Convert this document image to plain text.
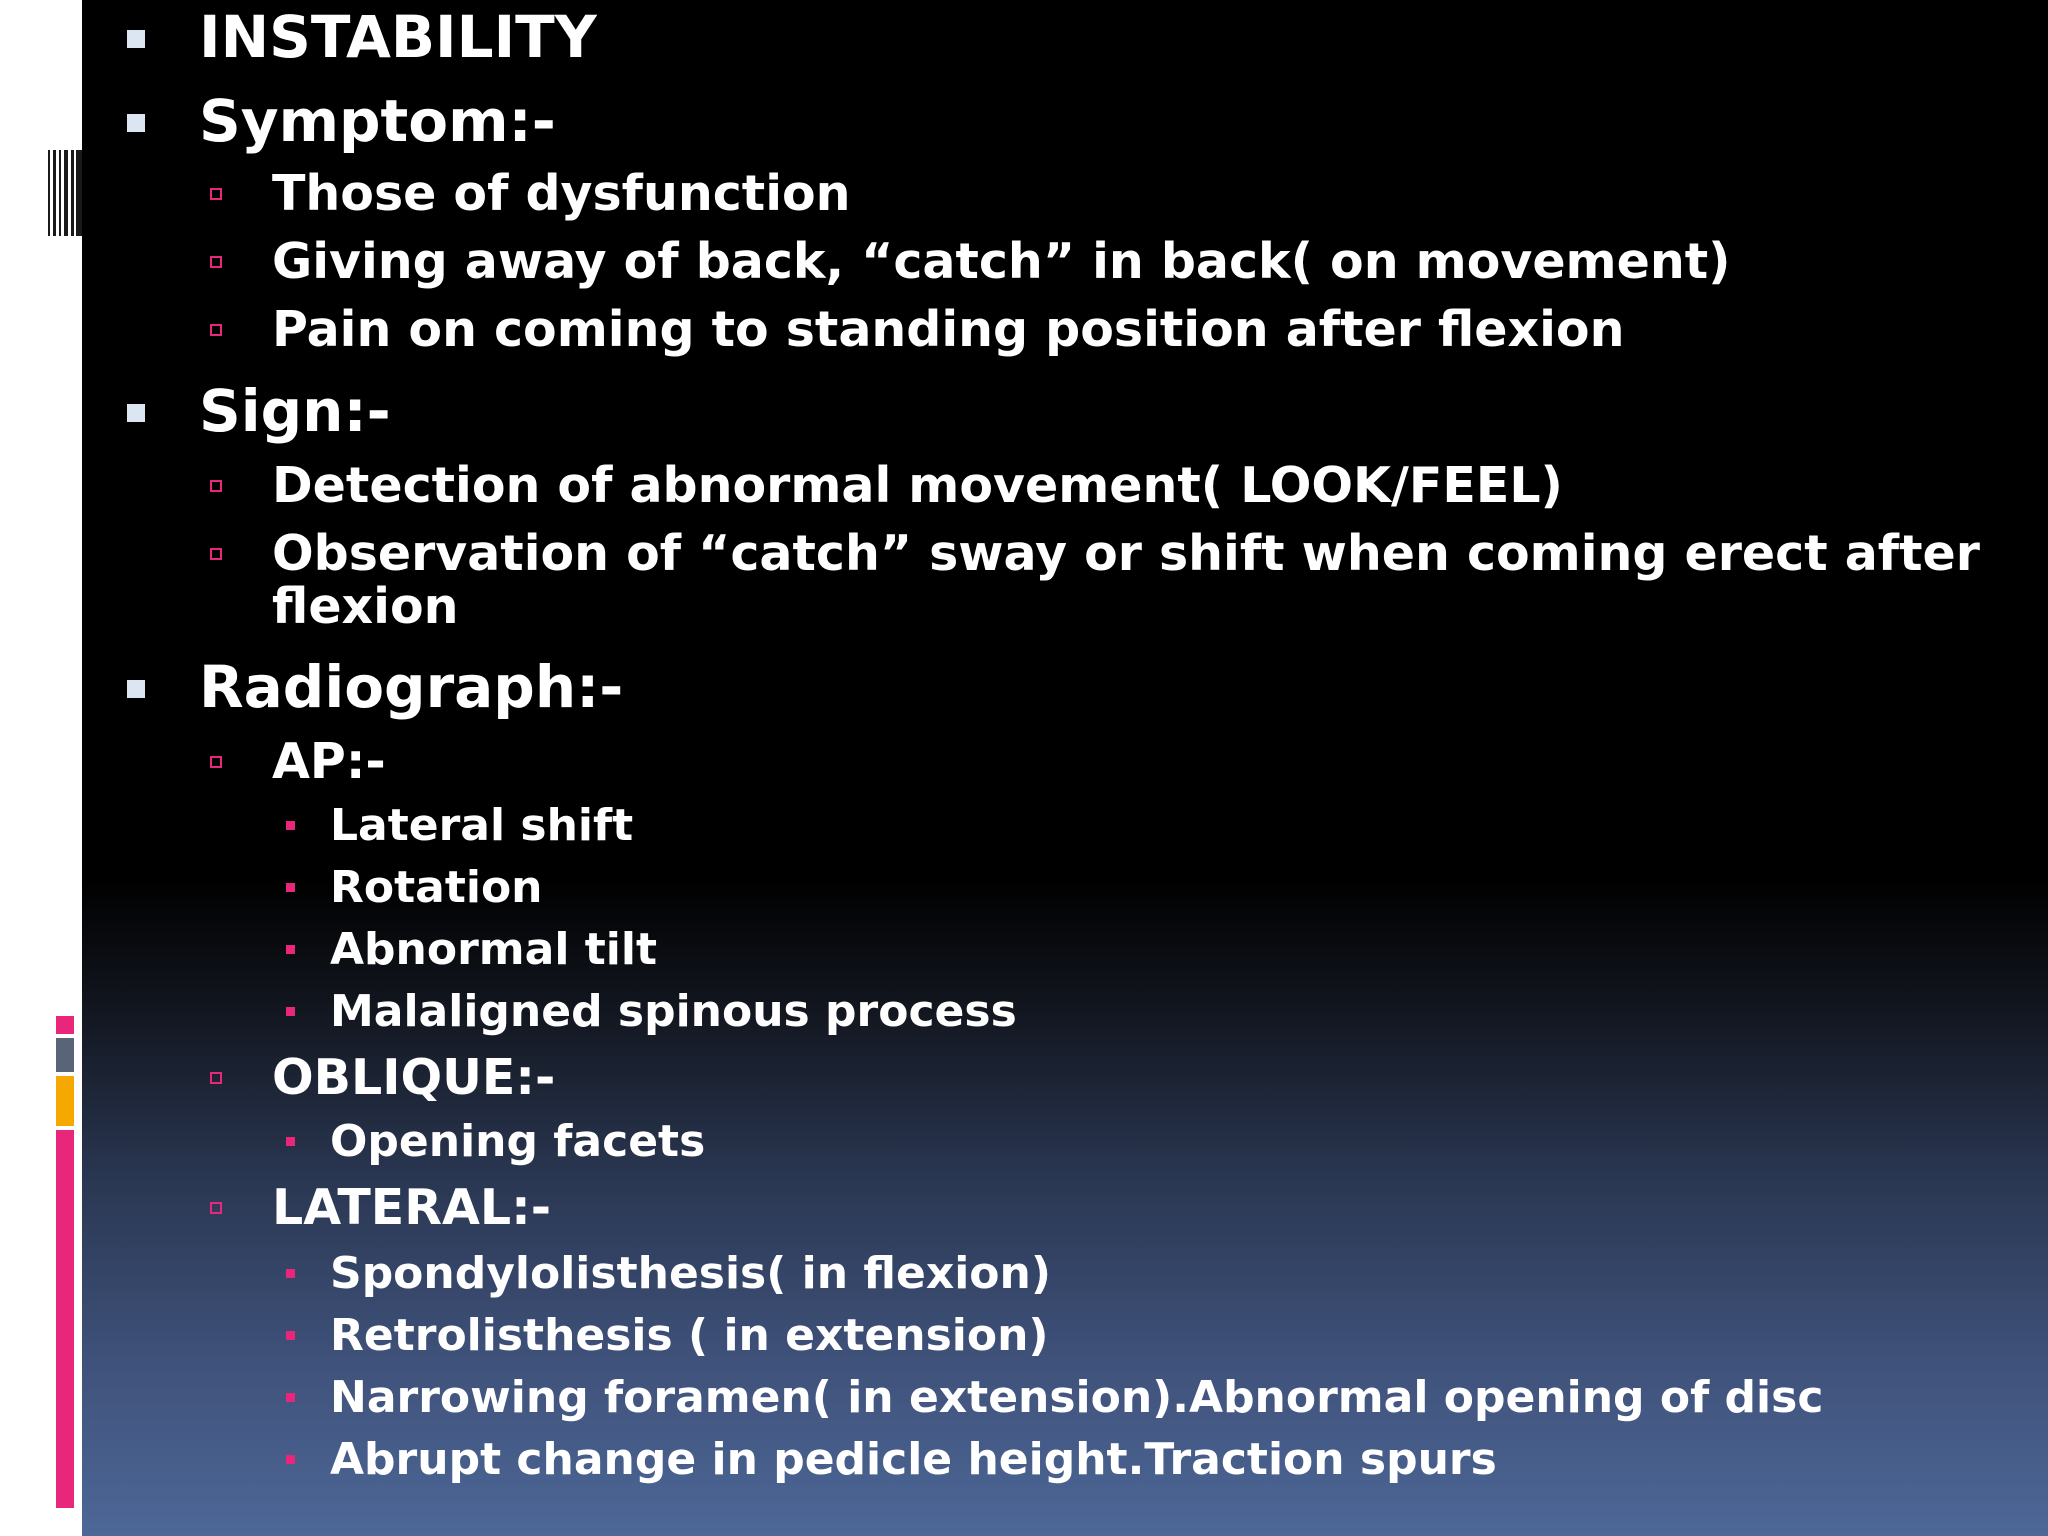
INSTABILITY
Symptom:-
Those of dysfunction
Giving away of back, “catch” in back( on movement)
Pain on coming to standing position after flexion
Sign:-
Detection of abnormal movement( LOOK/FEEL)
Observation of “catch” sway or shift when coming erect after
flexion
Radiograph:-
AP:-
Lateral shift
Rotation
Abnormal tilt
Malaligned spinous process
OBLIQUE:-
Opening facets
LATERAL:-
Spondylolisthesis( in flexion)
Retrolisthesis ( in extension)
Narrowing foramen( in extension).Abnormal opening of disc
Abrupt change in pedicle height.Traction spurs
